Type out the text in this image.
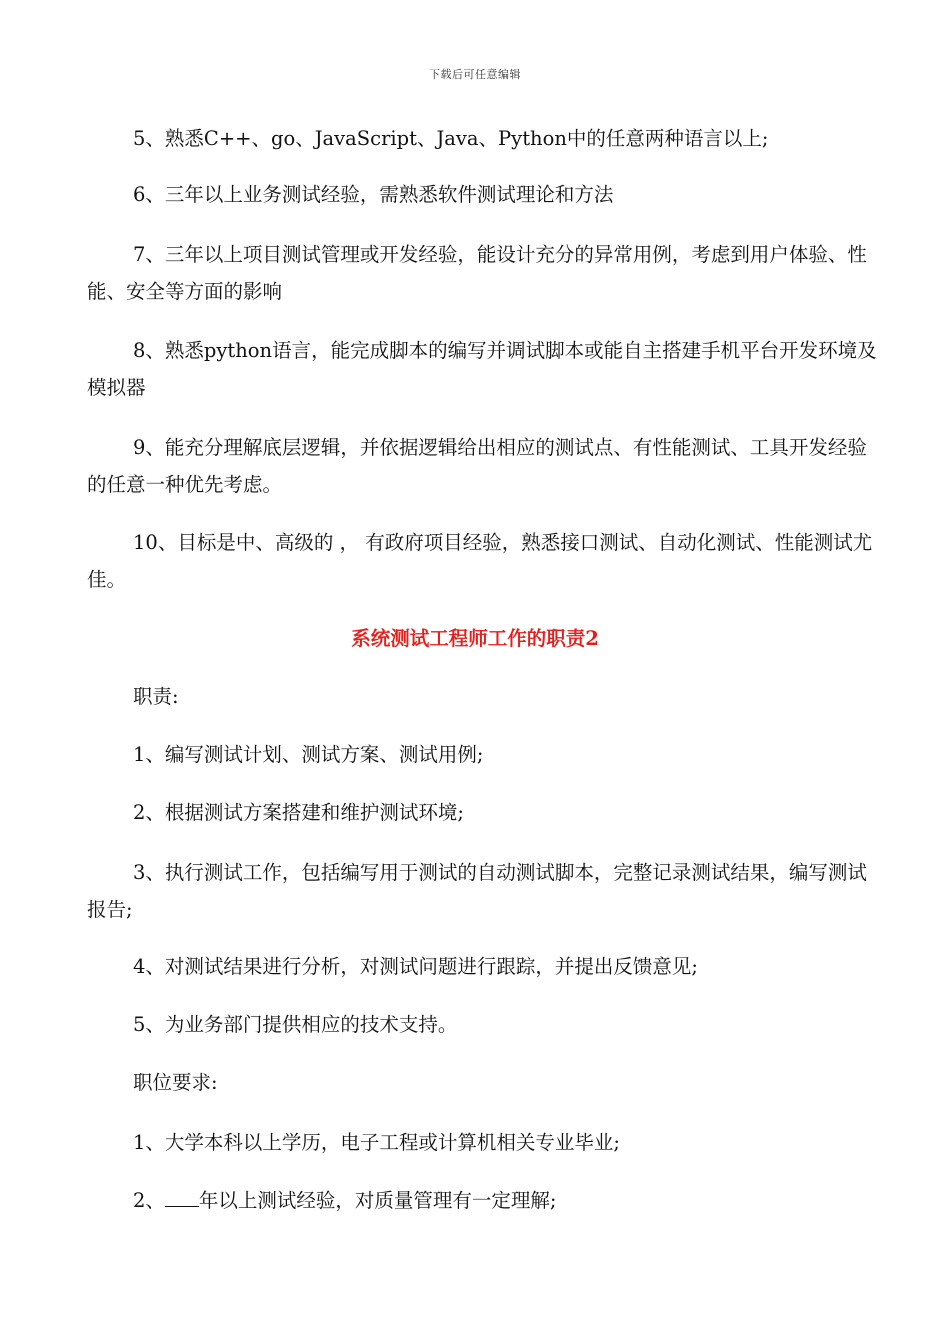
下载后可任意编辑

5、熟悉C++、go、JavaScript、Java、Python中的任意两种语言以上;

6、三年以上业务测试经验，需熟悉软件测试理论和方法

7、三年以上项目测试管理或开发经验，能设计充分的异常用例，考虑到用户体验、性能、安全等方面的影响

8、熟悉python语言，能完成脚本的编写并调试脚本或能自主搭建手机平台开发环境及模拟器

9、能充分理解底层逻辑，并依据逻辑给出相应的测试点、有性能测试、工具开发经验的任意一种优先考虑。

10、目标是中、高级的 ， 有政府项目经验，熟悉接口测试、自动化测试、性能测试尤佳。

系统测试工程师工作的职责2

职责:

1、编写测试计划、测试方案、测试用例;

2、根据测试方案搭建和维护测试环境;

3、执行测试工作，包括编写用于测试的自动测试脚本，完整记录测试结果，编写测试报告;

4、对测试结果进行分析，对测试问题进行跟踪，并提出反馈意见;

5、为业务部门提供相应的技术支持。

职位要求:

1、大学本科以上学历，电子工程或计算机相关专业毕业;

2、 年以上测试经验，对质量管理有一定理解;
